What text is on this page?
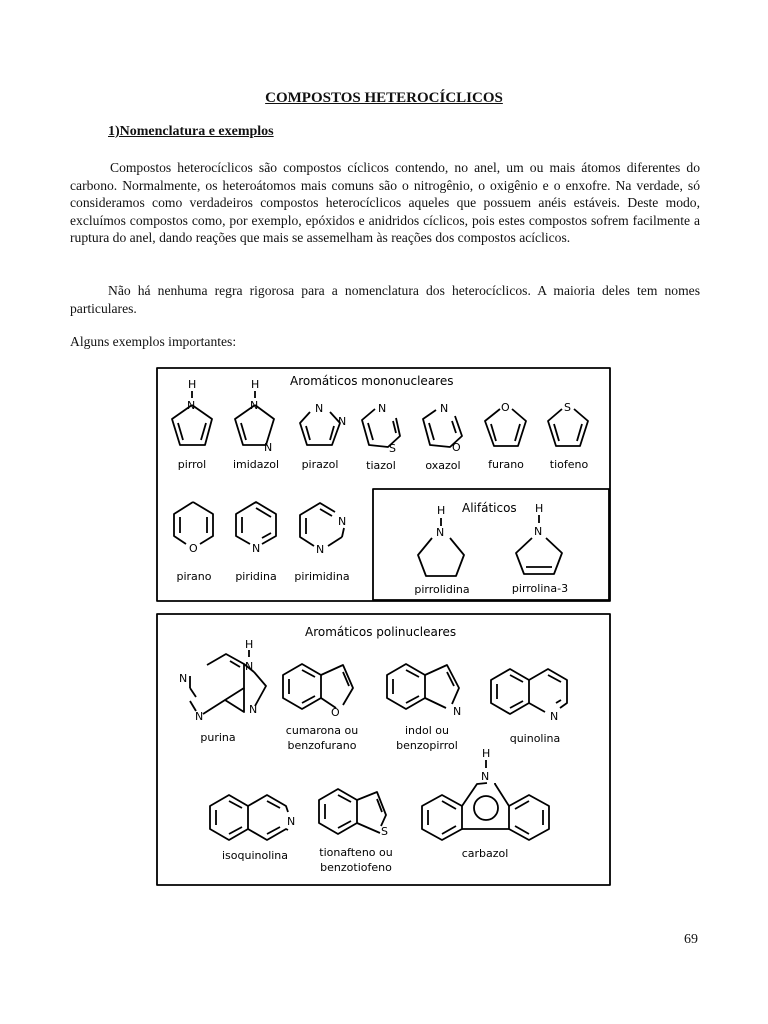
COMPOSTOS HETEROCÍCLICOS
1)Nomenclatura e exemplos

Compostos heterocíclicos são compostos cíclicos contendo, no anel, um ou mais átomos diferentes do carbono. Normalmente, os heteroátomos mais comuns são o nitrogênio, o oxigênio e o enxofre. Na verdade, só consideramos como verdadeiros compostos heterocíclicos aqueles que possuem anéis estáveis. Deste modo, excluímos compostos como, por exemplo, epóxidos e anidridos cíclicos, pois estes compostos sofrem facilmente a ruptura do anel, dando reações que mais se assemelham às reações dos compostos acíclicos.

Não há nenhuma regra rigorosa para a nomenclatura dos heterocíclicos. A maioria deles tem nomes particulares.

Alguns exemplos importantes:

Aromáticos mononucleares
Alifáticos
Aromáticos polinucleares
H
N
H
N
N
N
N
N
S
N
O
O	S
O	N	N
N
H
N
H
N
H
N
N
N
N	O	N	N
N
S
H
N
pirrol imidazol pirazol	tiazol	oxazol furano tiofeno
pirano piridina pirimidina
pirrolidina	pirrolina-3
purina
cumarona ou
benzofurano
indol ou
benzopirrol
quinolina
isoquinolina	tionafteno ou
benzotiofeno
carbazol

69
